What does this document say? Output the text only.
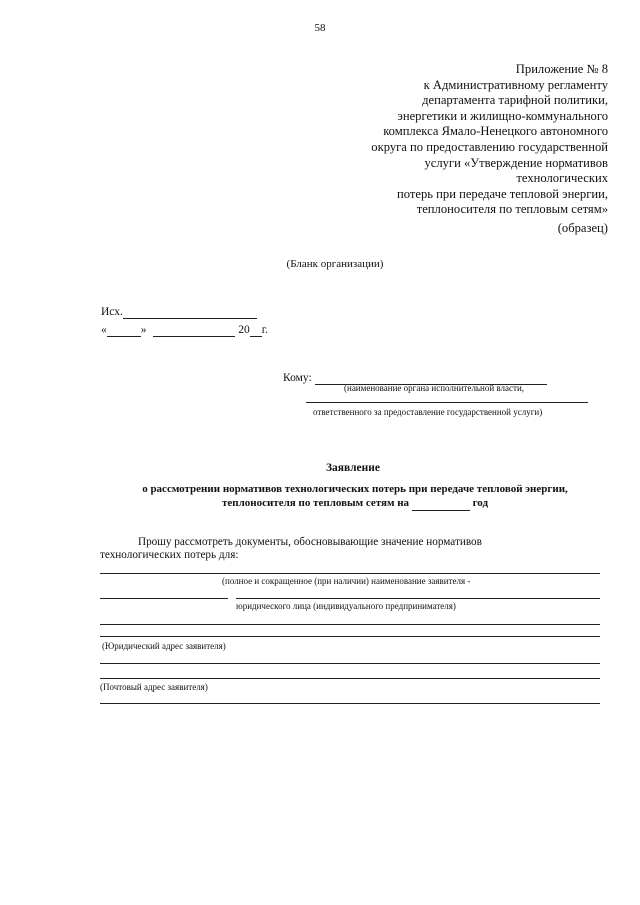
58
Приложение № 8
к Административному регламенту
департамента тарифной политики,
энергетики и жилищно-коммунального
комплекса Ямало-Ненецкого автономного
округа по предоставлению государственной
услуги «Утверждение нормативов
технологических
потерь при передаче тепловой энергии,
теплоносителя по тепловым сетям»
(образец)
(Бланк организации)
Исх.
«	»	20 г.
Кому:
(наименование органа исполнительной власти,
ответственного за предоставление государственной услуги)
Заявление
о рассмотрении нормативов технологических потерь при передаче тепловой энергии,
теплоносителя по тепловым сетям на	год
Прошу рассмотреть документы, обосновывающие значение нормативов
технологических потерь для:
(полное и сокращенное (при наличии) наименование заявителя -
юридического лица (индивидуального предпринимателя)
(Юридический адрес заявителя)
(Почтовый адрес заявителя)
